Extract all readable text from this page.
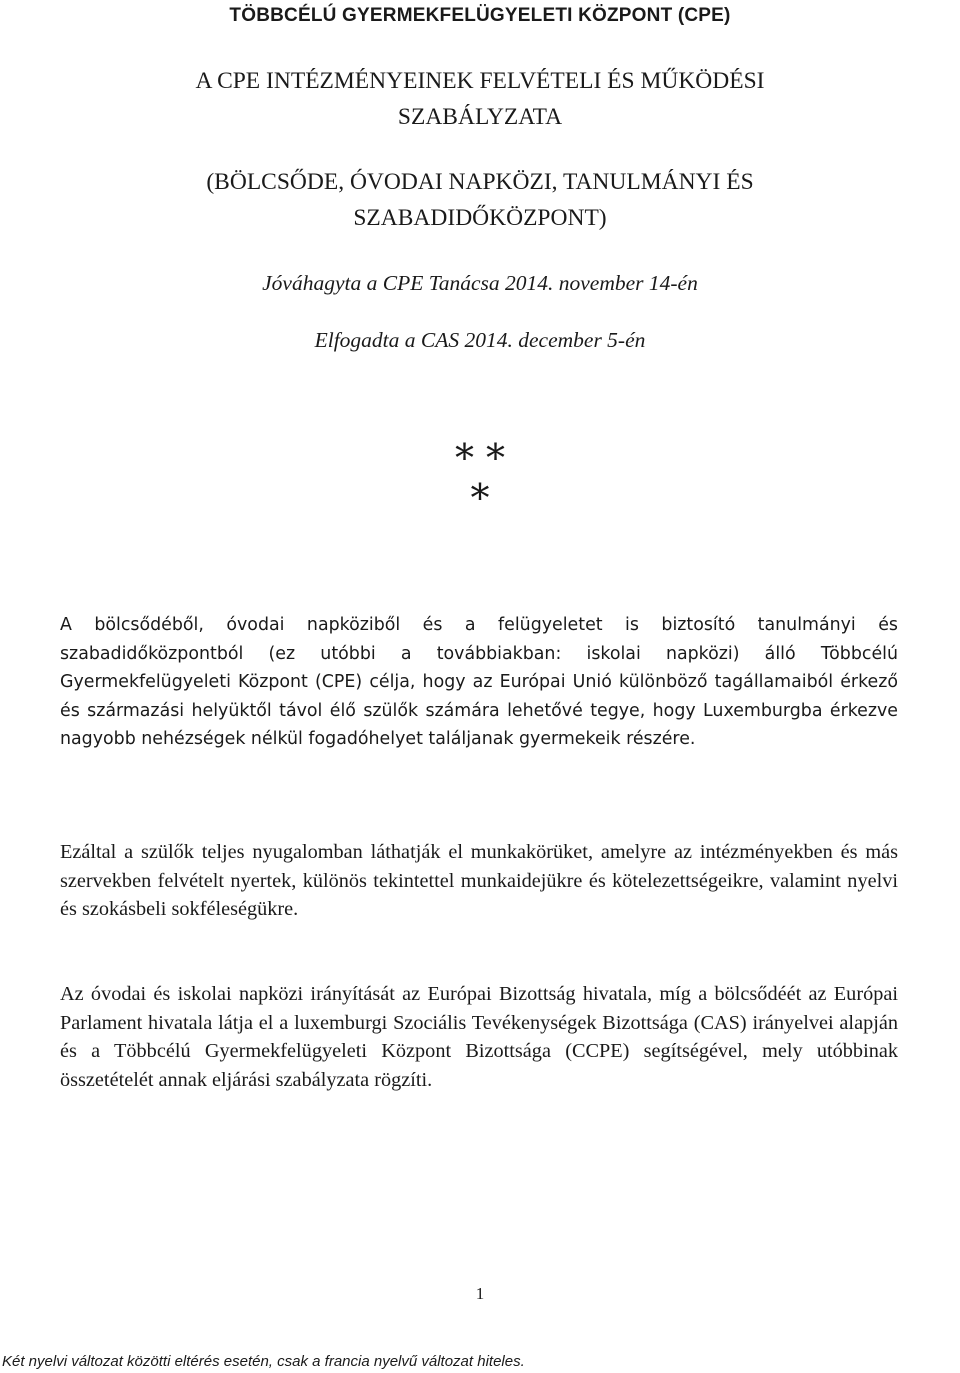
TÖBBCÉLÚ GYERMEKFELÜGYELETI KÖZPONT (CPE)
A CPE INTÉZMÉNYEINEK FELVÉTELI ÉS MŰKÖDÉSI
SZABÁLYZATA
(BÖLCSŐDE, ÓVODAI NAPKÖZI, TANULMÁNYI ÉS
SZABADIDŐKÖZPONT)
Jóváhagyta a CPE Tanácsa 2014. november 14-én
Elfogadta a CAS 2014. december 5-én
* *
*

A bölcsődéből, óvodai napköziből és a felügyeletet is biztosító tanulmányi és szabadidőközpontból (ez utóbbi a továbbiakban: iskolai napközi) álló Többcélú Gyermekfelügyeleti Központ (CPE) célja, hogy az Európai Unió különböző tagállamaiból érkező és származási helyüktől távol élő szülők számára lehetővé tegye, hogy Luxemburgba érkezve nagyobb nehézségek nélkül fogadóhelyet találjanak gyermekeik részére.

Ezáltal a szülők teljes nyugalomban láthatják el munkakörüket, amelyre az intézményekben és más szervekben felvételt nyertek, különös tekintettel munkaidejükre és kötelezettségeikre, valamint nyelvi és szokásbeli sokféleségükre.

Az óvodai és iskolai napközi irányítását az Európai Bizottság hivatala, míg a bölcsődéét az Európai Parlament hivatala látja el a luxemburgi Szociális Tevékenységek Bizottsága (CAS) irányelvei alapján és a Többcélú Gyermekfelügyeleti Központ Bizottsága (CCPE) segítségével, mely utóbbinak összetételét annak eljárási szabályzata rögzíti.

1
Két nyelvi változat közötti eltérés esetén, csak a francia nyelvű változat hiteles.
